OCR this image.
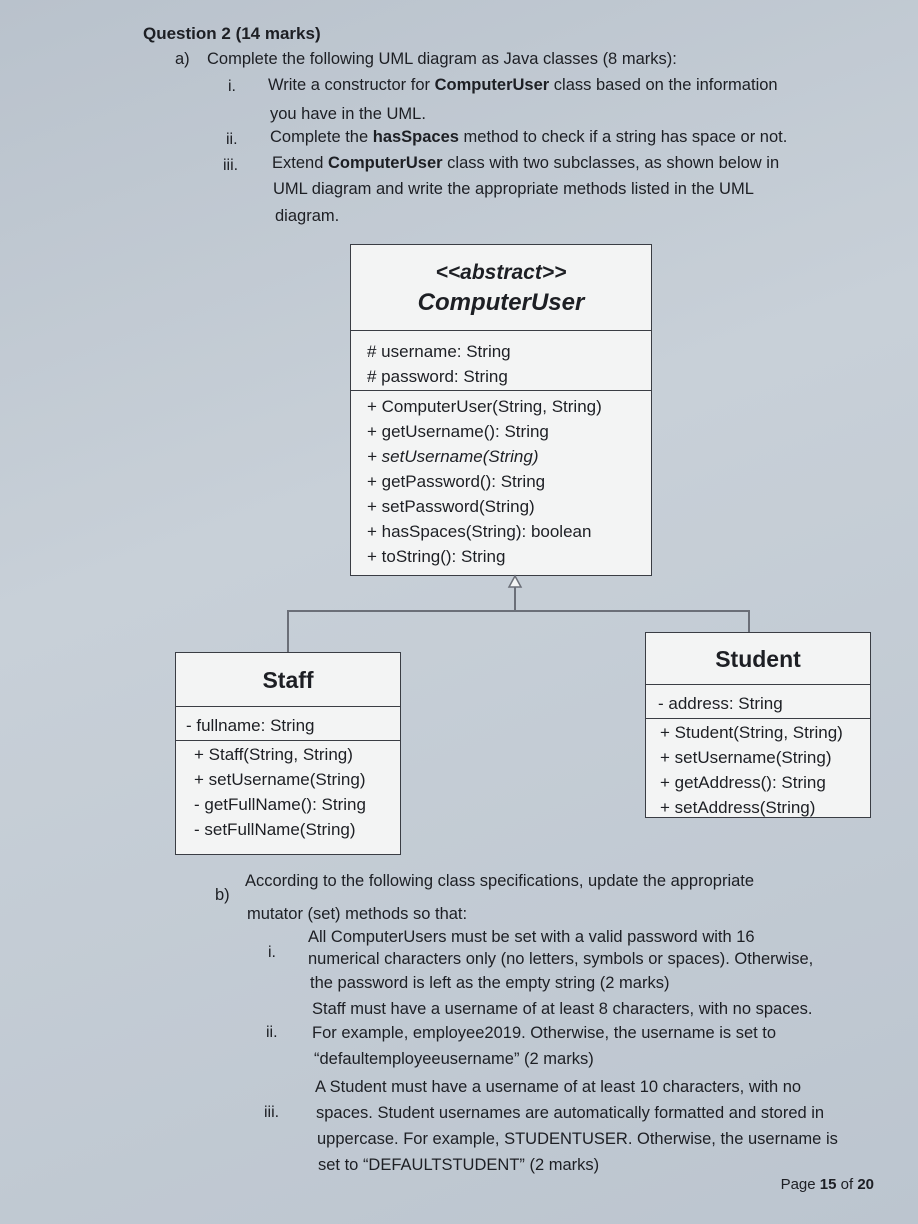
Question 2 (14 marks)
a) Complete the following UML diagram as Java classes (8 marks):
i. Write a constructor for ComputerUser class based on the information
you have in the UML.
ii. Complete the hasSpaces method to check if a string has space or not.
iii. Extend ComputerUser class with two subclasses, as shown below in
UML diagram and write the appropriate methods listed in the UML
diagram.
<<abstract>>
ComputerUser
# username: String
# password: String
+ ComputerUser(String, String)
+ getUsername(): String
+ setUsername(String)
+ getPassword(): String
+ setPassword(String)
+ hasSpaces(String): boolean
+ toString(): String
Staff
- fullname: String
+ Staff(String, String)
+ setUsername(String)
- getFullName(): String
- setFullName(String)
Student
- address: String
+ Student(String, String)
+ setUsername(String)
+ getAddress(): String
+ setAddress(String)
b)
According to the following class specifications, update the appropriate
mutator (set) methods so that:
i.
All ComputerUsers must be set with a valid password with 16
numerical characters only (no letters, symbols or spaces). Otherwise,
the password is left as the empty string (2 marks)
ii.
Staff must have a username of at least 8 characters, with no spaces.
For example, employee2019. Otherwise, the username is set to
“defaultemployeeusername” (2 marks)
iii.
A Student must have a username of at least 10 characters, with no
spaces. Student usernames are automatically formatted and stored in
uppercase. For example, STUDENTUSER. Otherwise, the username is
set to “DEFAULTSTUDENT” (2 marks)
Page 15 of 20
